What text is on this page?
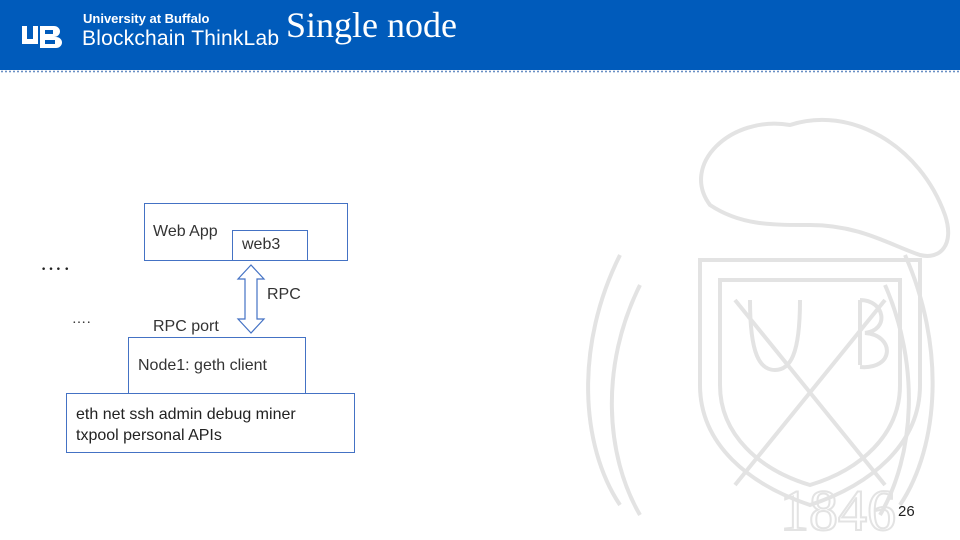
University at Buffalo
Blockchain ThinkLab Single node
1846
….
….
Web App
web3
RPC
RPC port
Node1: geth client
eth net ssh admin debug miner
txpool personal APIs
26
